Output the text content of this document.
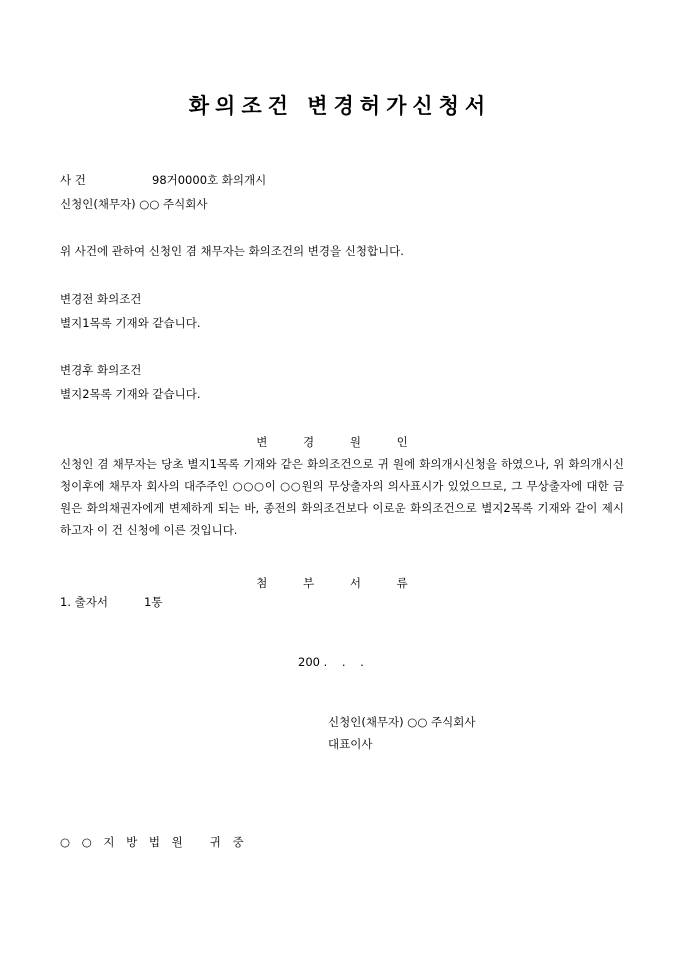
화의조건 변경허가신청서
사 건	98거0000호 화의개시
신청인(채무자) ○○ 주식회사
위 사건에 관하여 신청인 겸 채무자는 화의조건의 변경을 신청합니다.
변경전 화의조건
별지1목록 기재와 같습니다.
변경후 화의조건
별지2목록 기재와 같습니다.
변 경 원 인
신청인 겸 채무자는 당초 별지1목록 기재와 같은 화의조건으로 귀 원에 화의개시신청을 하였으나, 위 화의개시신청이후에 채무자 회사의 대주주인 ○○○이 ○○원의 무상출자의 의사표시가 있었으므로, 그 무상출자에 대한 금원은 화의채권자에게 변제하게 되는 바, 종전의 화의조건보다 이로운 화의조건으로 별지2목록 기재와 같이 제시하고자 이 건 신청에 이른 것입니다.
첨 부 서 류
1. 출자서	1통
200 .    .    .
신청인(채무자) ○○ 주식회사
대표이사
○ ○ 지 방 법 원   귀 중
